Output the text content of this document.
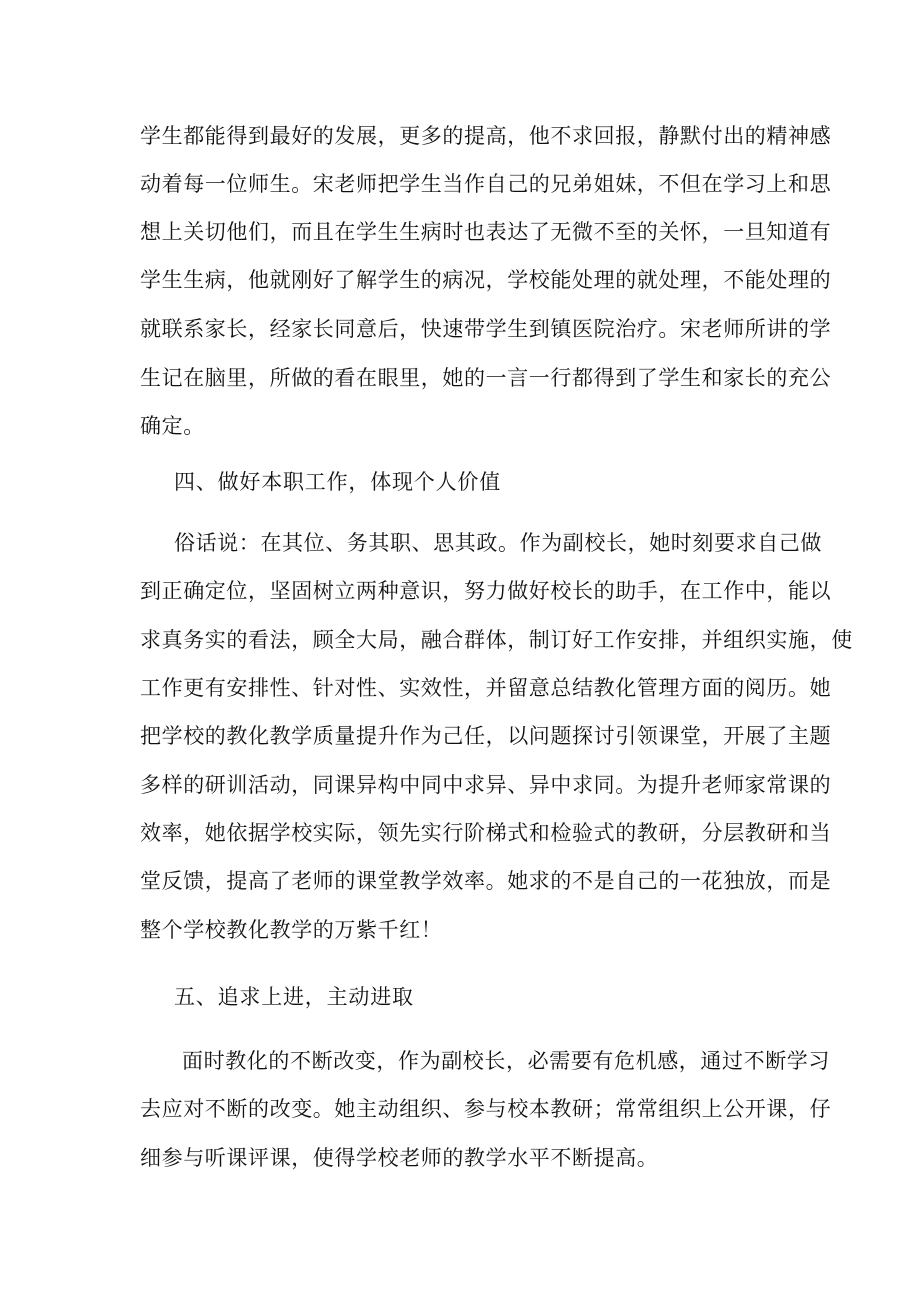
学生都能得到最好的发展，更多的提高，他不求回报，静默付出的精神感
动着每一位师生。宋老师把学生当作自己的兄弟姐妹，不但在学习上和思
想上关切他们，而且在学生生病时也表达了无微不至的关怀，一旦知道有
学生生病，他就刚好了解学生的病况，学校能处理的就处理，不能处理的
就联系家长，经家长同意后，快速带学生到镇医院治疗。宋老师所讲的学
生记在脑里，所做的看在眼里，她的一言一行都得到了学生和家长的充公
确定。
四、做好本职工作，体现个人价值
俗话说：在其位、务其职、思其政。作为副校长，她时刻要求自己做
到正确定位，坚固树立两种意识，努力做好校长的助手，在工作中，能以
求真务实的看法，顾全大局，融合群体，制订好工作安排，并组织实施，使
工作更有安排性、针对性、实效性，并留意总结教化管理方面的阅历。她
把学校的教化教学质量提升作为己任，以问题探讨引领课堂，开展了主题
多样的研训活动，同课异构中同中求异、异中求同。为提升老师家常课的
效率，她依据学校实际，领先实行阶梯式和检验式的教研，分层教研和当
堂反馈，提高了老师的课堂教学效率。她求的不是自己的一花独放，而是
整个学校教化教学的万紫千红！
五、追求上进，主动进取
面时教化的不断改变，作为副校长，必需要有危机感，通过不断学习
去应对不断的改变。她主动组织、参与校本教研；常常组织上公开课，仔
细参与听课评课，使得学校老师的教学水平不断提高。
